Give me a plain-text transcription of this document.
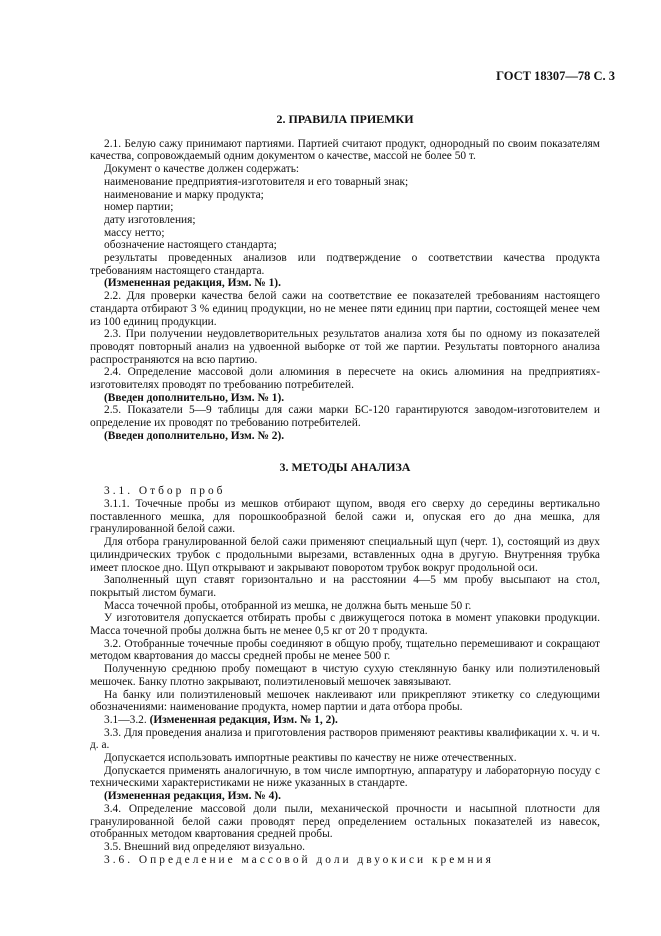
ГОСТ 18307—78 С. 3
2. ПРАВИЛА ПРИЕМКИ

2.1. Белую сажу принимают партиями. Партией считают продукт, однородный по своим показателям качества, сопровождаемый одним документом о качестве, массой не более 50 т.

Документ о качестве должен содержать:

наименование предприятия-изготовителя и его товарный знак;

наименование и марку продукта;

номер партии;

дату изготовления;

массу нетто;

обозначение настоящего стандарта;

результаты проведенных анализов или подтверждение о соответствии качества продукта требованиям настоящего стандарта.

(Измененная редакция, Изм. № 1).

2.2. Для проверки качества белой сажи на соответствие ее показателей требованиям настоящего стандарта отбирают 3 % единиц продукции, но не менее пяти единиц при партии, состоящей менее чем из 100 единиц продукции.

2.3. При получении неудовлетворительных результатов анализа хотя бы по одному из показателей проводят повторный анализ на удвоенной выборке от той же партии. Результаты повторного анализа распространяются на всю партию.

2.4. Определение массовой доли алюминия в пересчете на окись алюминия на предприятиях-изготовителях проводят по требованию потребителей.

(Введен дополнительно, Изм. № 1).

2.5. Показатели 5—9 таблицы для сажи марки БС-120 гарантируются заводом-изготовителем и определение их проводят по требованию потребителей.

(Введен дополнительно, Изм. № 2).

3. МЕТОДЫ АНАЛИЗА

3.1. Отбор проб

3.1.1. Точечные пробы из мешков отбирают щупом, вводя его сверху до середины вертикально поставленного мешка, для порошкообразной белой сажи и, опуская его до дна мешка, для гранулированной белой сажи.

Для отбора гранулированной белой сажи применяют специальный щуп (черт. 1), состоящий из двух цилиндрических трубок с продольными вырезами, вставленных одна в другую. Внутренняя трубка имеет плоское дно. Щуп открывают и закрывают поворотом трубок вокруг продольной оси.

Заполненный щуп ставят горизонтально и на расстоянии 4—5 мм пробу высыпают на стол, покрытый листом бумаги.

Масса точечной пробы, отобранной из мешка, не должна быть меньше 50 г.

У изготовителя допускается отбирать пробы с движущегося потока в момент упаковки продукции. Масса точечной пробы должна быть не менее 0,5 кг от 20 т продукта.

3.2. Отобранные точечные пробы соединяют в общую пробу, тщательно перемешивают и сокращают методом квартования до массы средней пробы не менее 500 г.

Полученную среднюю пробу помещают в чистую сухую стеклянную банку или полиэтиленовый мешочек. Банку плотно закрывают, полиэтиленовый мешочек завязывают.

На банку или полиэтиленовый мешочек наклеивают или прикрепляют этикетку со следующими обозначениями: наименование продукта, номер партии и дата отбора пробы.

3.1—3.2. (Измененная редакция, Изм. № 1, 2).

3.3. Для проведения анализа и приготовления растворов применяют реактивы квалификации х. ч. и ч. д. а.

Допускается использовать импортные реактивы по качеству не ниже отечественных.

Допускается применять аналогичную, в том числе импортную, аппаратуру и лабораторную посуду с техническими характеристиками не ниже указанных в стандарте.

(Измененная редакция, Изм. № 4).

3.4. Определение массовой доли пыли, механической прочности и насыпной плотности для гранулированной белой сажи проводят перед определением остальных показателей из навесок, отобранных методом квартования средней пробы.

3.5. Внешний вид определяют визуально.

3.6. Определение массовой доли двуокиси кремния
